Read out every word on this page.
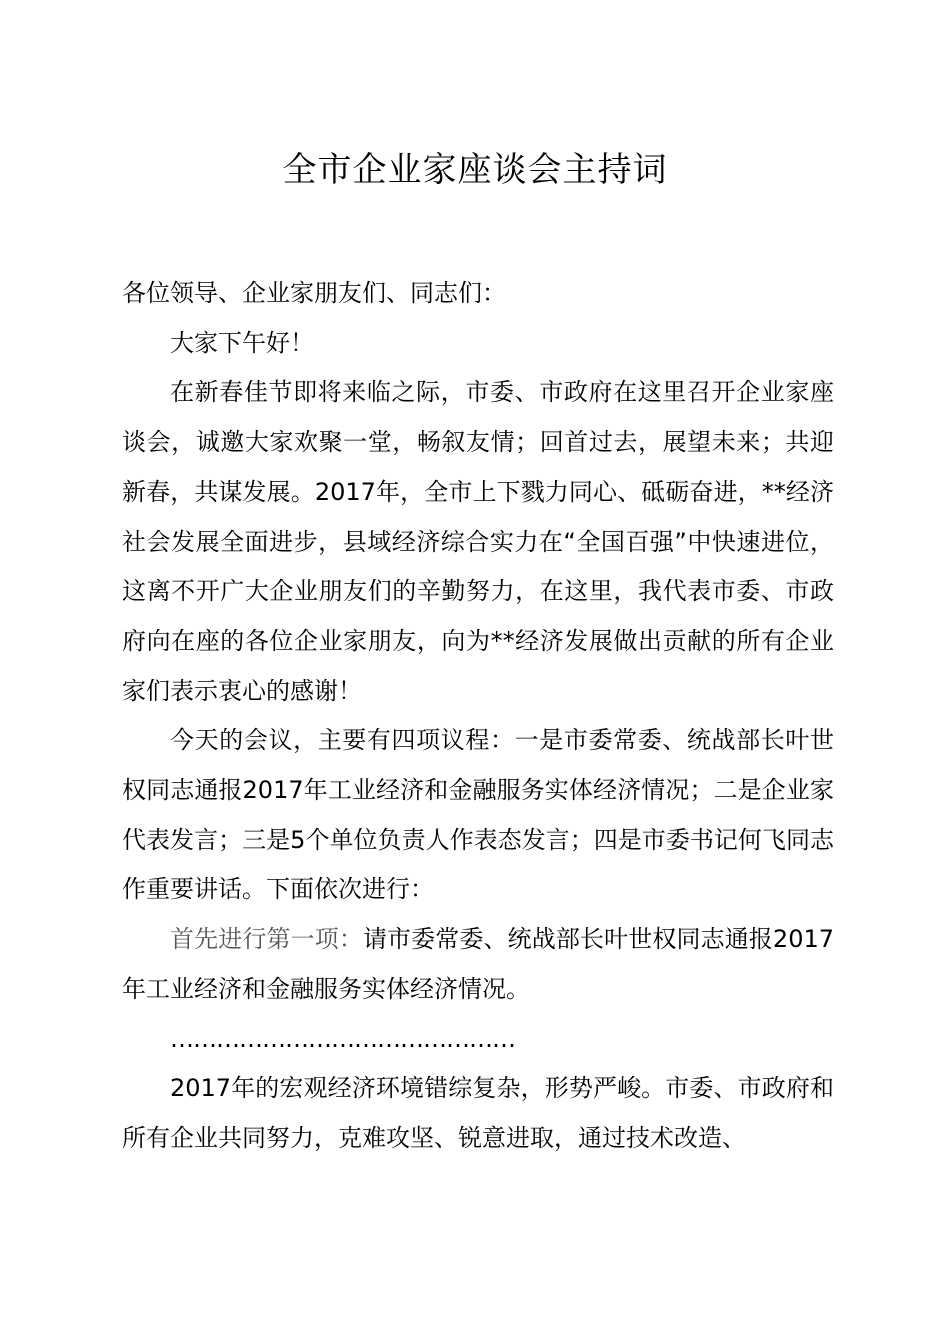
全市企业家座谈会主持词

各位领导、企业家朋友们、同志们：

大家下午好！

在新春佳节即将来临之际，市委、市政府在这里召开企业家座谈会，诚邀大家欢聚一堂，畅叙友情；回首过去，展望未来；共迎新春，共谋发展。2017年，全市上下戮力同心、砥砺奋进，**经济社会发展全面进步，县域经济综合实力在“全国百强”中快速进位，这离不开广大企业朋友们的辛勤努力，在这里，我代表市委、市政府向在座的各位企业家朋友，向为**经济发展做出贡献的所有企业家们表示衷心的感谢！

今天的会议，主要有四项议程：一是市委常委、统战部长叶世权同志通报2017年工业经济和金融服务实体经济情况；二是企业家代表发言；三是5个单位负责人作表态发言；四是市委书记何飞同志作重要讲话。下面依次进行：

首先进行第一项：请市委常委、统战部长叶世权同志通报2017年工业经济和金融服务实体经济情况。

………………………………………

2017年的宏观经济环境错综复杂，形势严峻。市委、市政府和所有企业共同努力，克难攻坚、锐意进取，通过技术改造、
